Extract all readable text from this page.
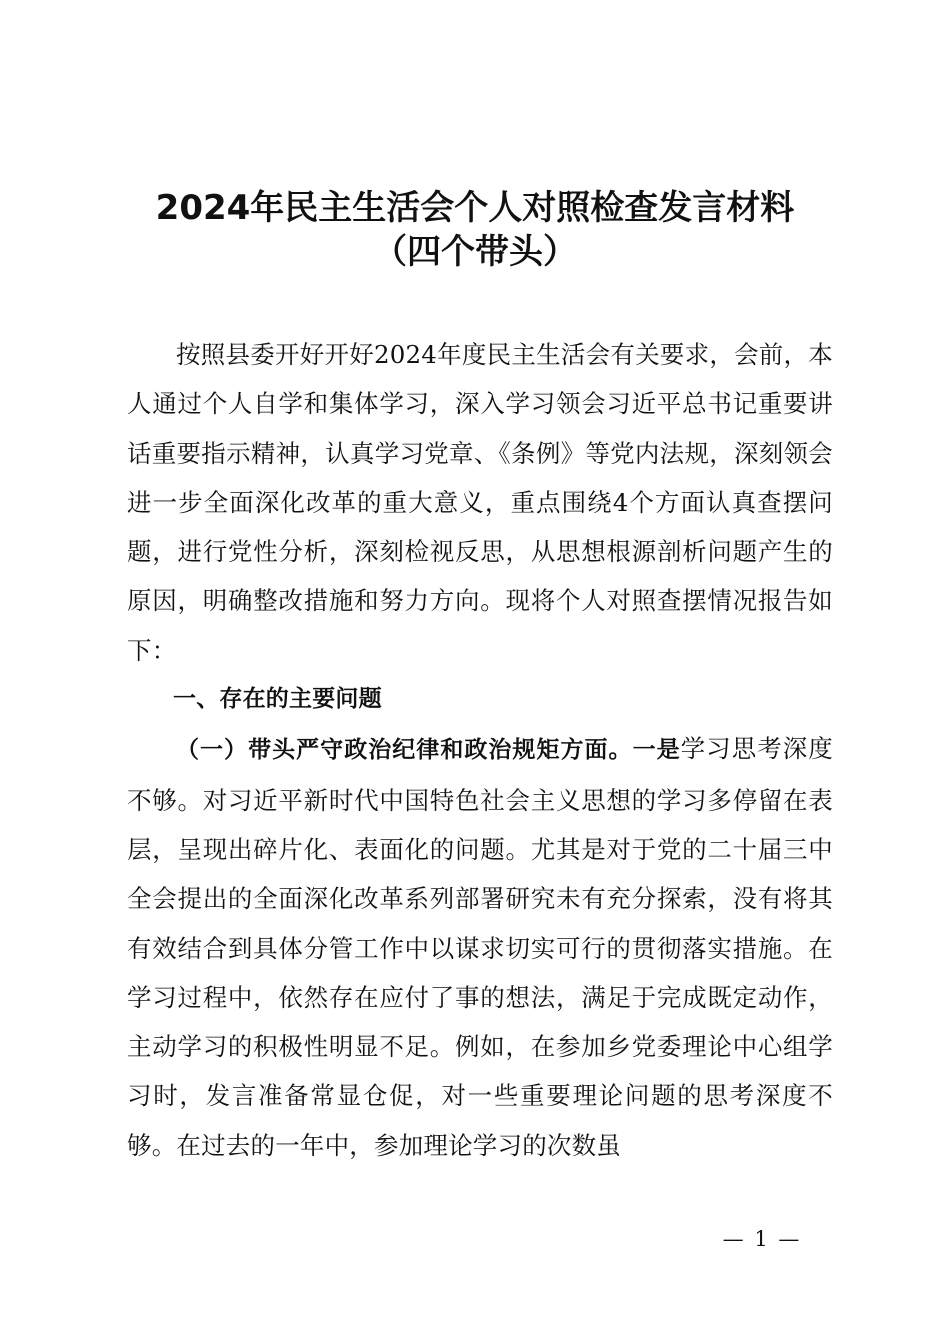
2024年民主生活会个人对照检查发言材料
（四个带头）

按照县委开好开好2024年度民主生活会有关要求，会前，本人通过个人自学和集体学习，深入学习领会习近平总书记重要讲话重要指示精神，认真学习党章、《条例》等党内法规，深刻领会进一步全面深化改革的重大意义，重点围绕4个方面认真查摆问题，进行党性分析，深刻检视反思，从思想根源剖析问题产生的原因，明确整改措施和努力方向。现将个人对照查摆情况报告如下：

一、存在的主要问题

（一）带头严守政治纪律和政治规矩方面。一是学习思考深度不够。对习近平新时代中国特色社会主义思想的学习多停留在表层，呈现出碎片化、表面化的问题。尤其是对于党的二十届三中全会提出的全面深化改革系列部署研究未有充分探索，没有将其有效结合到具体分管工作中以谋求切实可行的贯彻落实措施。在学习过程中，依然存在应付了事的想法，满足于完成既定动作，主动学习的积极性明显不足。例如，在参加乡党委理论中心组学习时，发言准备常显仓促，对一些重要理论问题的思考深度不够。在过去的一年中，参加理论学习的次数虽

— 1 —
